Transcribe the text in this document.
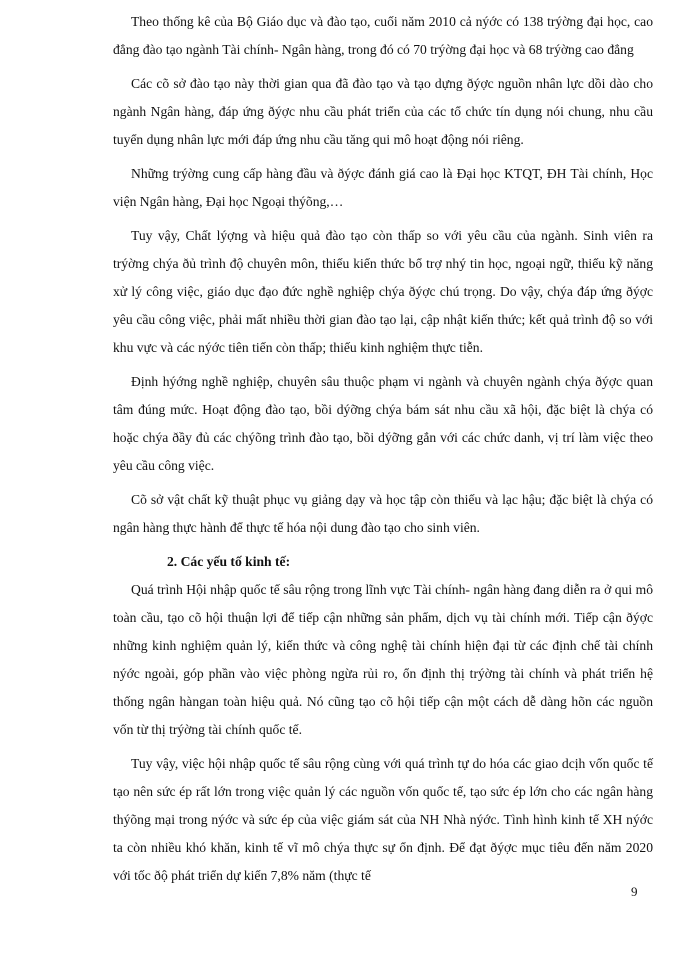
Theo thống kê của Bộ Giáo dục và đào tạo, cuối năm 2010 cả nýớc có 138 trýờng đại học, cao đẳng đào tạo ngành Tài chính- Ngân hàng, trong đó có 70 trýờng đại học và 68 trýờng cao đẳng

Các cõ sở đào tạo này thời gian qua đã đào tạo và tạo dựng ðýợc nguồn nhân lực dồi dào cho ngành Ngân hàng, đáp ứng ðýợc nhu cầu phát triển của các tổ chức tín dụng nói chung, nhu cầu tuyển dụng nhân lực mới đáp ứng nhu cầu tăng qui mô hoạt động nói riêng.

Những trýờng cung cấp hàng đầu và ðýợc đánh giá cao là Đại học KTQT, ĐH Tài chính, Học viện Ngân hàng, Đại học Ngoại thýõng,…

Tuy vậy, Chất lýợng và hiệu quả đào tạo còn thấp so với yêu cầu của ngành. Sinh viên ra trýờng chýa ðủ trình độ chuyên môn, thiếu kiến thức bổ trợ nhý tin học, ngoại ngữ, thiếu kỹ năng xử lý công việc, giáo dục đạo đức nghề nghiệp chýa ðýợc chú trọng. Do vậy, chýa đáp ứng ðýợc yêu cầu công việc, phải mất nhiều thời gian đào tạo lại, cập nhật kiến thức; kết quả trình độ so với khu vực và các nýớc tiên tiến còn thấp; thiếu kinh nghiệm thực tiễn.

Định hýớng nghề nghiệp, chuyên sâu thuộc phạm vi ngành và chuyên ngành chýa ðýợc quan tâm đúng mức. Hoạt động đào tạo, bồi dýỡng chýa bám sát nhu cầu xã hội, đặc biệt là chýa có hoặc chýa ðầy đủ các chýõng trình đào tạo, bồi dýỡng gắn với các chức danh, vị trí làm việc theo yêu cầu công việc.

Cõ sở vật chất kỹ thuật phục vụ giảng dạy và học tập còn thiếu và lạc hậu; đặc biệt là chýa có ngân hàng thực hành để thực tế hóa nội dung đào tạo cho sinh viên.

2. Các yếu tố kinh tế:

Quá trình Hội nhập quốc tế sâu rộng trong lĩnh vực Tài chính- ngân hàng đang diễn ra ở qui mô toàn cầu, tạo cõ hội thuận lợi để tiếp cận những sản phẩm, dịch vụ tài chính mới. Tiếp cận ðýợc những kinh nghiệm quản lý, kiến thức và công nghệ tài chính hiện đại từ các định chế tài chính nýớc ngoài, góp phần vào việc phòng ngừa rủi ro, ổn định thị trýờng tài chính và phát triển hệ thống ngân hàngan toàn hiệu quả. Nó cũng tạo cõ hội tiếp cận một cách dễ dàng hõn các nguồn vốn từ thị trýờng tài chính quốc tế.

Tuy vậy, việc hội nhập quốc tế sâu rộng cùng với quá trình tự do hóa các giao dcịh vốn quốc tế tạo nên sức ép rất lớn trong việc quản lý các nguồn vốn quốc tế, tạo sức ép lớn cho các ngân hàng thýõng mại trong nýớc và sức ép của việc giám sát của NH Nhà nýớc. Tình hình kinh tế XH nýớc ta còn nhiều khó khăn, kinh tế vĩ mô chýa thực sự ổn định. Để đạt ðýợc mục tiêu đến năm 2020 với tốc ðộ phát triển dự kiến 7,8% năm (thực tế

9
